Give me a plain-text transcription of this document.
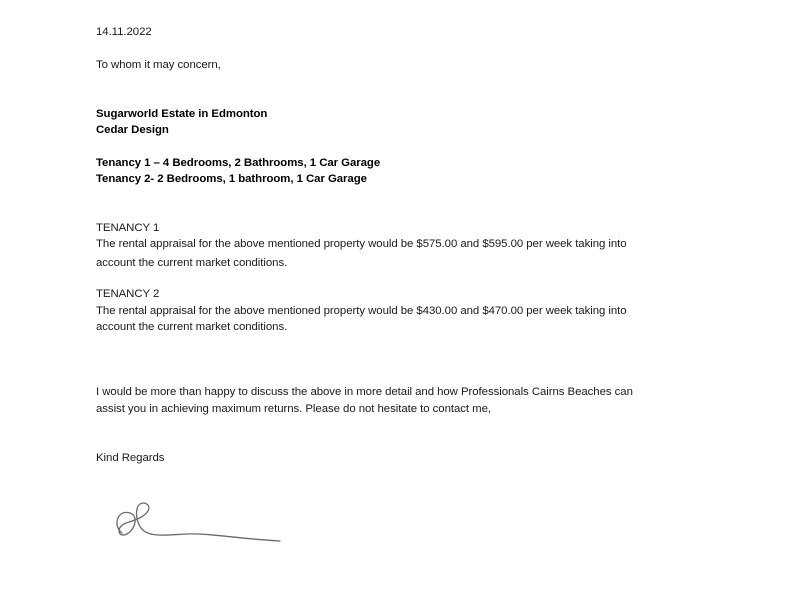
14.11.2022
To whom it may concern,
Sugarworld Estate in Edmonton
Cedar Design
Tenancy 1 – 4 Bedrooms, 2 Bathrooms, 1 Car Garage
Tenancy 2- 2 Bedrooms, 1 bathroom, 1 Car Garage
TENANCY 1
The rental appraisal for the above mentioned property would be $575.00 and $595.00 per week taking into
account the current market conditions.
TENANCY 2
The rental appraisal for the above mentioned property would be $430.00 and $470.00 per week taking into
account the current market conditions.
I would be more than happy to discuss the above in more detail and how Professionals Cairns Beaches can
assist you in achieving maximum returns. Please do not hesitate to contact me,
Kind Regards
